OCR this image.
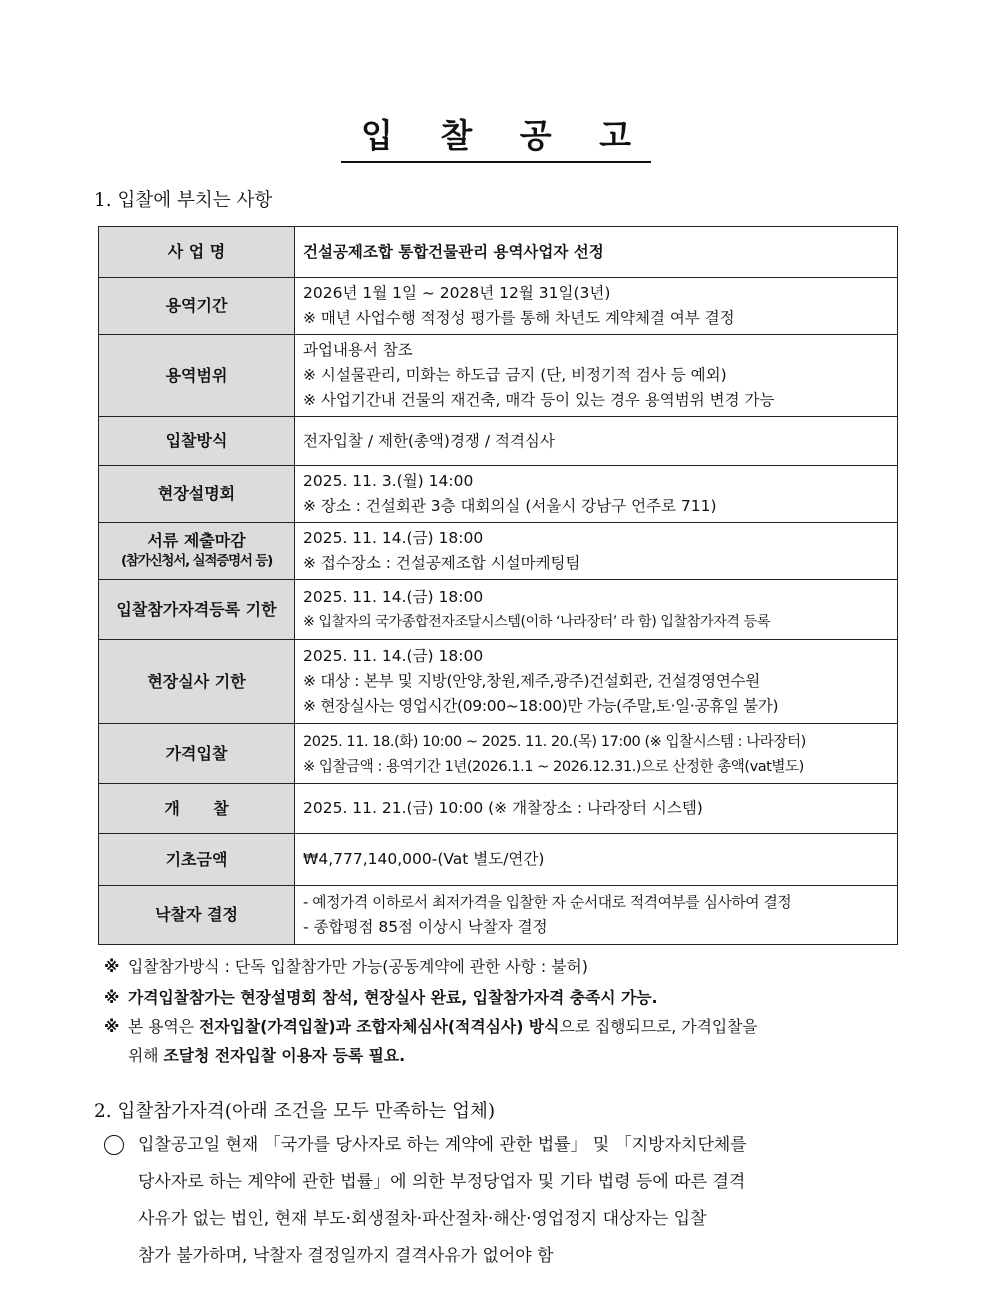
입 찰 공 고
1. 입찰에 부치는 사항
사 업 명	건설공제조합 통합건물관리 용역사업자 선정

용역기간	2026년 1월 1일 ~ 2028년 12월 31일(3년)
※ 매년 사업수행 적정성 평가를 통해 차년도 계약체결 여부 결정

용역범위	과업내용서 참조
※ 시설물관리, 미화는 하도급 금지 (단, 비정기적 검사 등 예외)
※ 사업기간내 건물의 재건축, 매각 등이 있는 경우 용역범위 변경 가능

입찰방식	전자입찰 / 제한(총액)경쟁 / 적격심사

현장설명회	2025. 11. 3.(월) 14:00
※ 장소 : 건설회관 3층 대회의실 (서울시 강남구 언주로 711)

서류 제출마감
(참가신청서, 실적증명서 등)	2025. 11. 14.(금) 18:00
※ 접수장소 : 건설공제조합 시설마케팅팀

입찰참가자격등록 기한	2025. 11. 14.(금) 18:00
※ 입찰자의 국가종합전자조달시스템(이하 ‘나라장터’ 라 함) 입찰참가자격 등록

현장실사 기한	2025. 11. 14.(금) 18:00
※ 대상 : 본부 및 지방(안양,창원,제주,광주)건설회관, 건설경영연수원
※ 현장실사는 영업시간(09:00~18:00)만 가능(주말,토·일·공휴일 불가)

가격입찰	2025. 11. 18.(화) 10:00 ~ 2025. 11. 20.(목) 17:00 (※ 입찰시스템 : 나라장터)
※ 입찰금액 : 용역기간 1년(2026.1.1 ~ 2026.12.31.)으로 산정한 총액(vat별도)

개      찰	2025. 11. 21.(금) 10:00 (※ 개찰장소 : 나라장터 시스템)

기초금액	₩4,777,140,000-(Vat 별도/연간)

낙찰자 결정	- 예정가격 이하로서 최저가격을 입찰한 자 순서대로 적격여부를 심사하여 결정
- 종합평점 85점 이상시 낙찰자 결정
※ 입찰참가방식 : 단독 입찰참가만 가능(공동계약에 관한 사항 : 불허)
※ 가격입찰참가는 현장설명회 참석, 현장실사 완료, 입찰참가자격 충족시 가능.
※ 본 용역은 전자입찰(가격입찰)과 조합자체심사(적격심사) 방식으로 집행되므로, 가격입찰을
위해 조달청 전자입찰 이용자 등록 필요.
2. 입찰참가자격(아래 조건을 모두 만족하는 업체)
입찰공고일 현재 「국가를 당사자로 하는 계약에 관한 법률」 및 「지방자치단체를
당사자로 하는 계약에 관한 법률」에 의한 부정당업자 및 기타 법령 등에 따른 결격
사유가 없는 법인, 현재 부도·회생절차·파산절차·해산·영업정지 대상자는 입찰
참가 불가하며, 낙찰자 결정일까지 결격사유가 없어야 함
